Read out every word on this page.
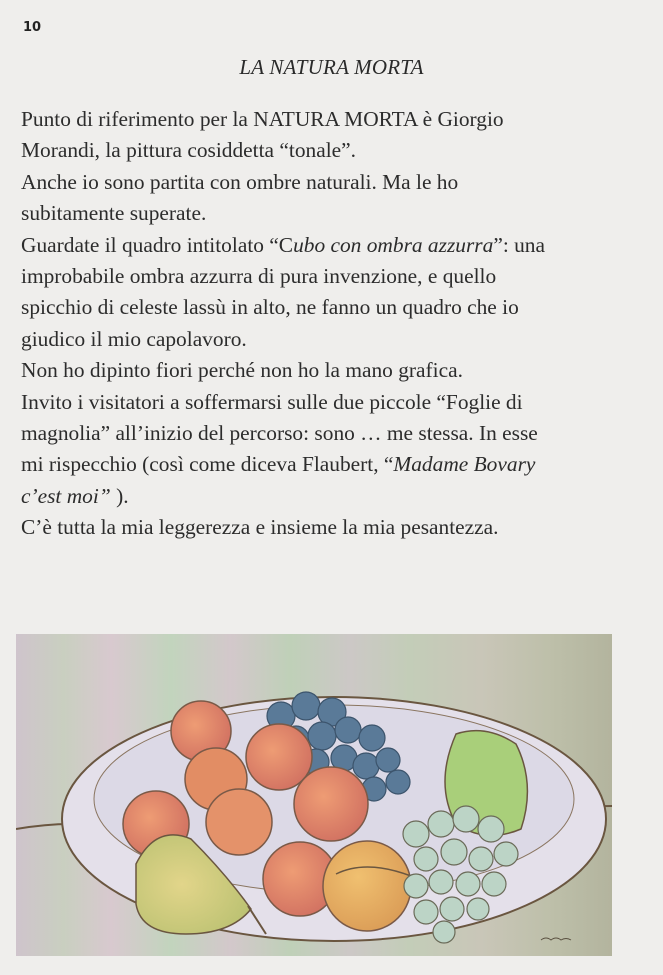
10
LA NATURA MORTA
Punto di riferimento per la NATURA MORTA è Giorgio
Morandi, la pittura cosiddetta “tonale”.
Anche io sono partita con ombre naturali. Ma le ho
subitamente superate.
Guardate il quadro intitolato “Cubo con ombra azzurra”: una
improbabile ombra azzurra di pura invenzione, e quello
spicchio di celeste lassù in alto, ne fanno un quadro che io
giudico il mio capolavoro.
Non ho dipinto fiori perché non ho la mano grafica.
Invito i visitatori a soffermarsi sulle due piccole “Foglie di
magnolia” all’inizio del percorso: sono … me stessa. In esse
mi rispecchio (così come diceva Flaubert, “Madame Bovary
c’est moi” ).
C’è tutta la mia leggerezza e insieme la mia pesantezza.
